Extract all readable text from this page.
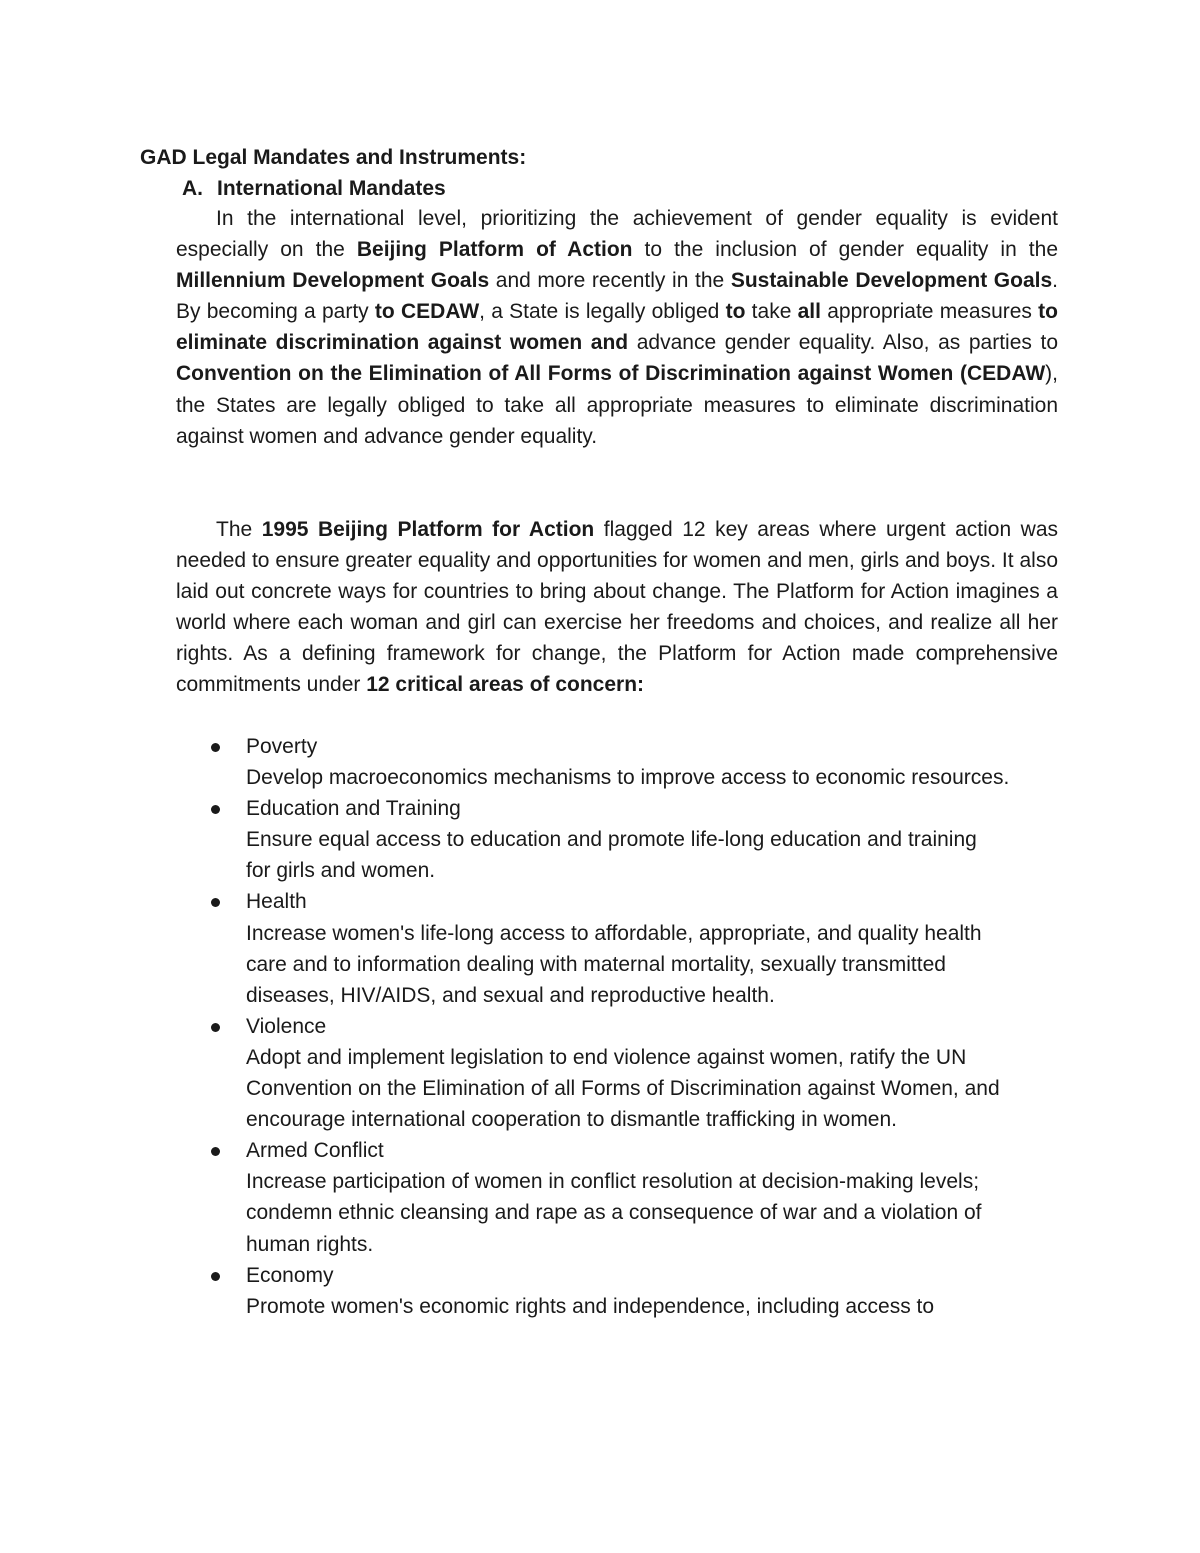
GAD Legal Mandates and Instruments:
A. International Mandates

In the international level, prioritizing the achievement of gender equality is evident especially on the Beijing Platform of Action to the inclusion of gender equality in the Millennium Development Goals and more recently in the Sustainable Development Goals. By becoming a party to CEDAW, a State is legally obliged to take all appropriate measures to eliminate discrimination against women and advance gender equality. Also, as parties to Convention on the Elimination of All Forms of Discrimination against Women (CEDAW), the States are legally obliged to take all appropriate measures to eliminate discrimination against women and advance gender equality.

The 1995 Beijing Platform for Action flagged 12 key areas where urgent action was needed to ensure greater equality and opportunities for women and men, girls and boys. It also laid out concrete ways for countries to bring about change. The Platform for Action imagines a world where each woman and girl can exercise her freedoms and choices, and realize all her rights. As a defining framework for change, the Platform for Action made comprehensive commitments under 12 critical areas of concern:

Poverty
Develop macroeconomics mechanisms to improve access to economic resources.
Education and Training
Ensure equal access to education and promote life-long education and training for girls and women.
Health
Increase women's life-long access to affordable, appropriate, and quality health care and to information dealing with maternal mortality, sexually transmitted diseases, HIV/AIDS, and sexual and reproductive health.
Violence
Adopt and implement legislation to end violence against women, ratify the UN Convention on the Elimination of all Forms of Discrimination against Women, and encourage international cooperation to dismantle trafficking in women.
Armed Conflict
Increase participation of women in conflict resolution at decision-making levels; condemn ethnic cleansing and rape as a consequence of war and a violation of human rights.
Economy
Promote women's economic rights and independence, including access to
